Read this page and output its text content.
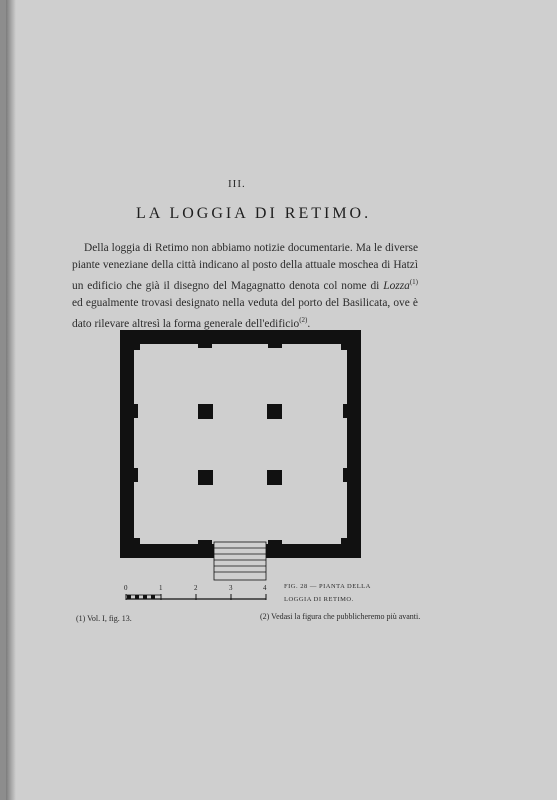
III.
LA LOGGIA DI RETIMO.

Della loggia di Retimo non abbiamo notizie documentarie. Ma le diverse piante veneziane della città indicano al posto della attuale moschea di Hatzì un edificio che già il disegno del Magagnatto denota col nome di Lozza$^{(1)}$ ed egualmente trovasi designato nella veduta del porto del Basilicata, ove è dato rilevare altresì la forma generale dell'edificio$^{(2)}$.

0	1	2	3	4	FIG. 28 — PIANTA DELLA
LOGGIA DI RETIMO.
(1) Vol. I, fig. 13.	(2) Vedasi la figura che pubblicheremo più avanti.
